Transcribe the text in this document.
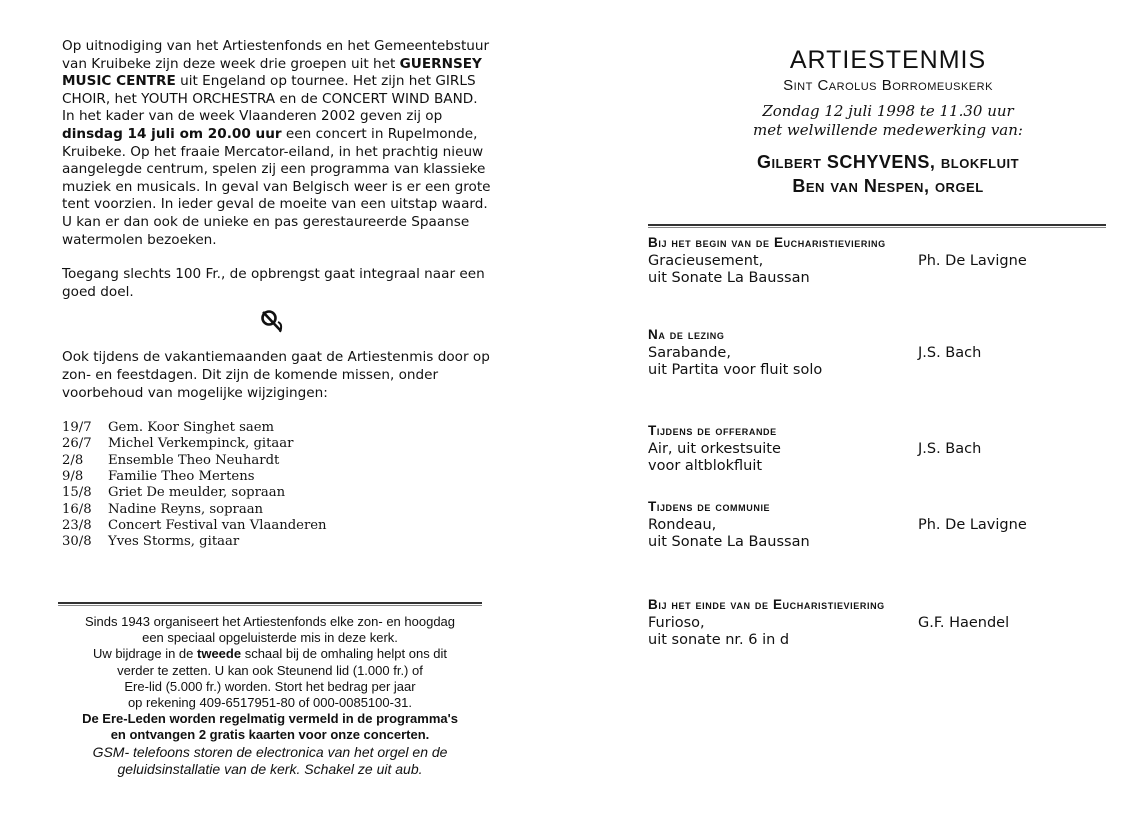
Op uitnodiging van het Artiestenfonds en het Gemeentebstuur van Kruibeke zijn deze week drie groepen uit het GUERNSEY MUSIC CENTRE uit Engeland op tournee. Het zijn het GIRLS CHOIR, het YOUTH ORCHESTRA en de CONCERT WIND BAND.

In het kader van de week Vlaanderen 2002 geven zij op dinsdag 14 juli om 20.00 uur een concert in Rupelmonde, Kruibeke. Op het fraaie Mercator-eiland, in het prachtig nieuw aangelegde centrum, spelen zij een programma van klassieke muziek en musicals. In geval van Belgisch weer is er een grote tent voorzien. In ieder geval de moeite van een uitstap waard. U kan er dan ook de unieke en pas gerestaureerde Spaanse watermolen bezoeken.

Toegang slechts 100 Fr., de opbrengst gaat integraal naar een goed doel.

Ook tijdens de vakantiemaanden gaat de Artiestenmis door op zon- en feestdagen. Dit zijn de komende missen, onder voorbehoud van mogelijke wijzigingen:

19/7	Gem. Koor Singhet saem
26/7	Michel Verkempinck, gitaar
2/8	Ensemble Theo Neuhardt
9/8	Familie Theo Mertens
15/8	Griet De meulder, sopraan
16/8	Nadine Reyns, sopraan
23/8	Concert Festival van Vlaanderen
30/8	Yves Storms, gitaar

Sinds 1943 organiseert het Artiestenfonds elke zon- en hoogdag

een speciaal opgeluisterde mis in deze kerk.

Uw bijdrage in de tweede schaal bij de omhaling helpt ons dit

verder te zetten. U kan ook Steunend lid (1.000 fr.) of

Ere-lid (5.000 fr.) worden. Stort het bedrag per jaar

op rekening 409-6517951-80 of 000-0085100-31.

De Ere-Leden worden regelmatig vermeld in de programma's

en ontvangen 2 gratis kaarten voor onze concerten.

GSM- telefoons storen de electronica van het orgel en de

geluidsinstallatie van de kerk. Schakel ze uit aub.

ARTIESTENMIS
Sint Carolus Borromeuskerk
Zondag 12 juli 1998 te 11.30 uur
met welwillende medewerking van:
Gilbert SCHYVENS, blokfluit
Ben van Nespen, orgel
Bij het begin van de Eucharistieviering
Gracieusement,	Ph. De Lavigne
uit Sonate La Baussan
Na de lezing
Sarabande,	J.S. Bach
uit Partita voor fluit solo
Tijdens de offerande
Air, uit orkestsuite	J.S. Bach
voor altblokfluit
Tijdens de communie
Rondeau,	Ph. De Lavigne
uit Sonate La Baussan
Bij het einde van de Eucharistieviering
Furioso,	G.F. Haendel
uit sonate nr. 6 in d
